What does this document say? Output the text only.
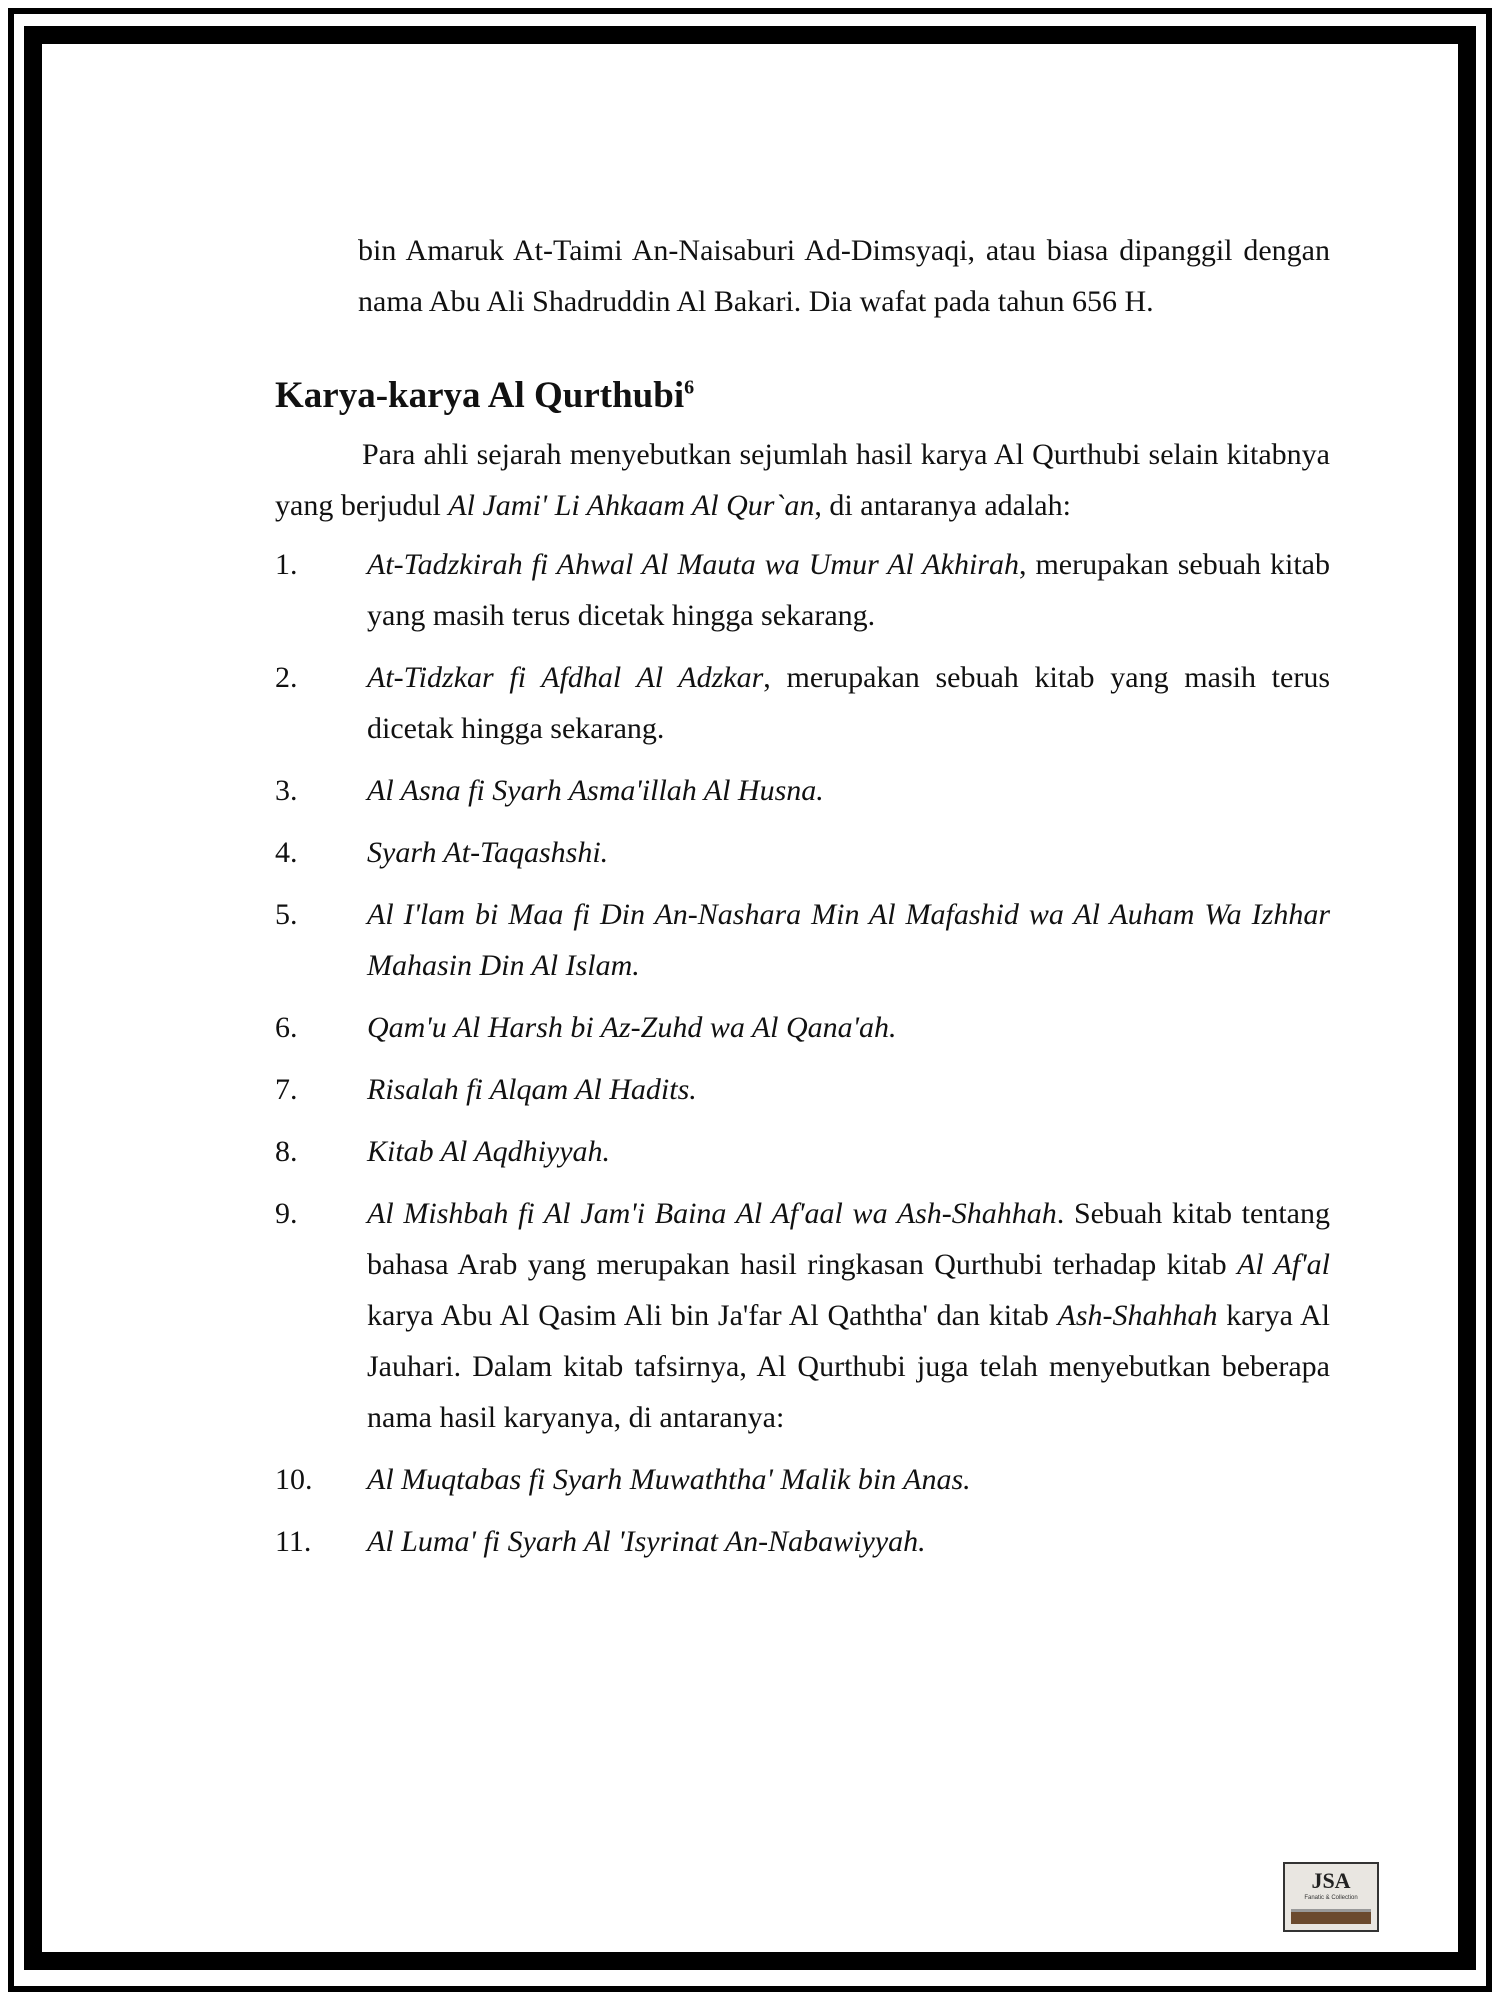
bin Amaruk At-Taimi An-Naisaburi Ad-Dimsyaqi, atau biasa dipanggil dengan nama Abu Ali Shadruddin Al Bakari. Dia wafat pada tahun 656 H.

Karya-karya Al Qurthubi$^6$

Para ahli sejarah menyebutkan sejumlah hasil karya Al Qurthubi selain kitabnya yang berjudul Al Jami' Li Ahkaam Al Qur`an, di antaranya adalah:

1.	At-Tadzkirah fi Ahwal Al Mauta wa Umur Al Akhirah, merupakan sebuah kitab yang masih terus dicetak hingga sekarang.
2.	At-Tidzkar fi Afdhal Al Adzkar, merupakan sebuah kitab yang masih terus dicetak hingga sekarang.
3.	Al Asna fi Syarh Asma'illah Al Husna.
4.	Syarh At-Taqashshi.
5.	Al I'lam bi Maa fi Din An-Nashara Min Al Mafashid wa Al Auham Wa Izhhar Mahasin Din Al Islam.
6.	Qam'u Al Harsh bi Az-Zuhd wa Al Qana'ah.
7.	Risalah fi Alqam Al Hadits.
8.	Kitab Al Aqdhiyyah.
9.	Al Mishbah fi Al Jam'i Baina Al Af'aal wa Ash-Shahhah. Sebuah kitab tentang bahasa Arab yang merupakan hasil ringkasan Qurthubi terhadap kitab Al Af'al karya Abu Al Qasim Ali bin Ja'far Al Qaththa' dan kitab Ash-Shahhah karya Al Jauhari. Dalam kitab tafsirnya, Al Qurthubi juga telah menyebutkan beberapa nama hasil karyanya, di antaranya:
10.	Al Muqtabas fi Syarh Muwaththa' Malik bin Anas.
11.	Al Luma' fi Syarh Al 'Isyrinat An-Nabawiyyah.
JSA
Fanatic & Collection
